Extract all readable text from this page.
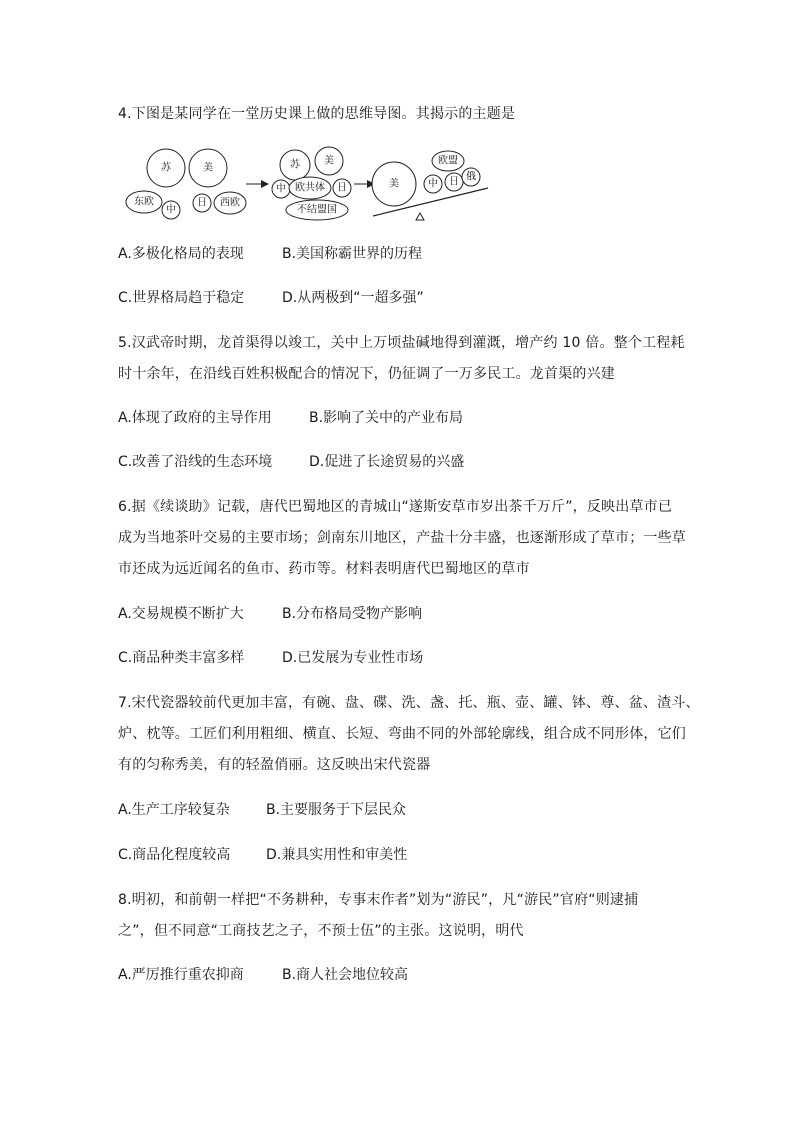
4.下图是某同学在一堂历史课上做的思维导图。其揭示的主题是
苏	美
东欧
中
日 西欧
苏 美
中 欧共体 日
不结盟国
美
欧盟
中 日 俄
A.多极化格局的表现	B.美国称霸世界的历程
C.世界格局趋于稳定	D.从两极到“一超多强”
5.汉武帝时期，龙首渠得以竣工，关中上万顷盐碱地得到灌溉，增产约 10 倍。整个工程耗
时十余年，在沿线百姓积极配合的情况下，仍征调了一万多民工。龙首渠的兴建
A.体现了政府的主导作用	B.影响了关中的产业布局
C.改善了沿线的生态环境	D.促进了长途贸易的兴盛
6.据《续谈助》记载，唐代巴蜀地区的青城山“遂斯安草市岁出茶千万斤”，反映出草市已
成为当地茶叶交易的主要市场；剑南东川地区，产盐十分丰盛，也逐渐形成了草市；一些草
市还成为远近闻名的鱼市、药市等。材料表明唐代巴蜀地区的草市
A.交易规模不断扩大	B.分布格局受物产影响
C.商品种类丰富多样	D.已发展为专业性市场
7.宋代瓷器较前代更加丰富，有碗、盘、碟、洗、盏、托、瓶、壶、罐、钵、尊、盆、渣斗、
炉、枕等。工匠们利用粗细、横直、长短、弯曲不同的外部轮廓线，组合成不同形体，它们
有的匀称秀美，有的轻盈俏丽。这反映出宋代瓷器
A.生产工序较复杂	B.主要服务于下层民众
C.商品化程度较高	D.兼具实用性和审美性
8.明初，和前朝一样把“不务耕种，专事末作者”划为“游民”，凡“游民”官府“则逮捕
之”，但不同意“工商技艺之子，不预士伍”的主张。这说明，明代
A.严厉推行重农抑商	B.商人社会地位较高
